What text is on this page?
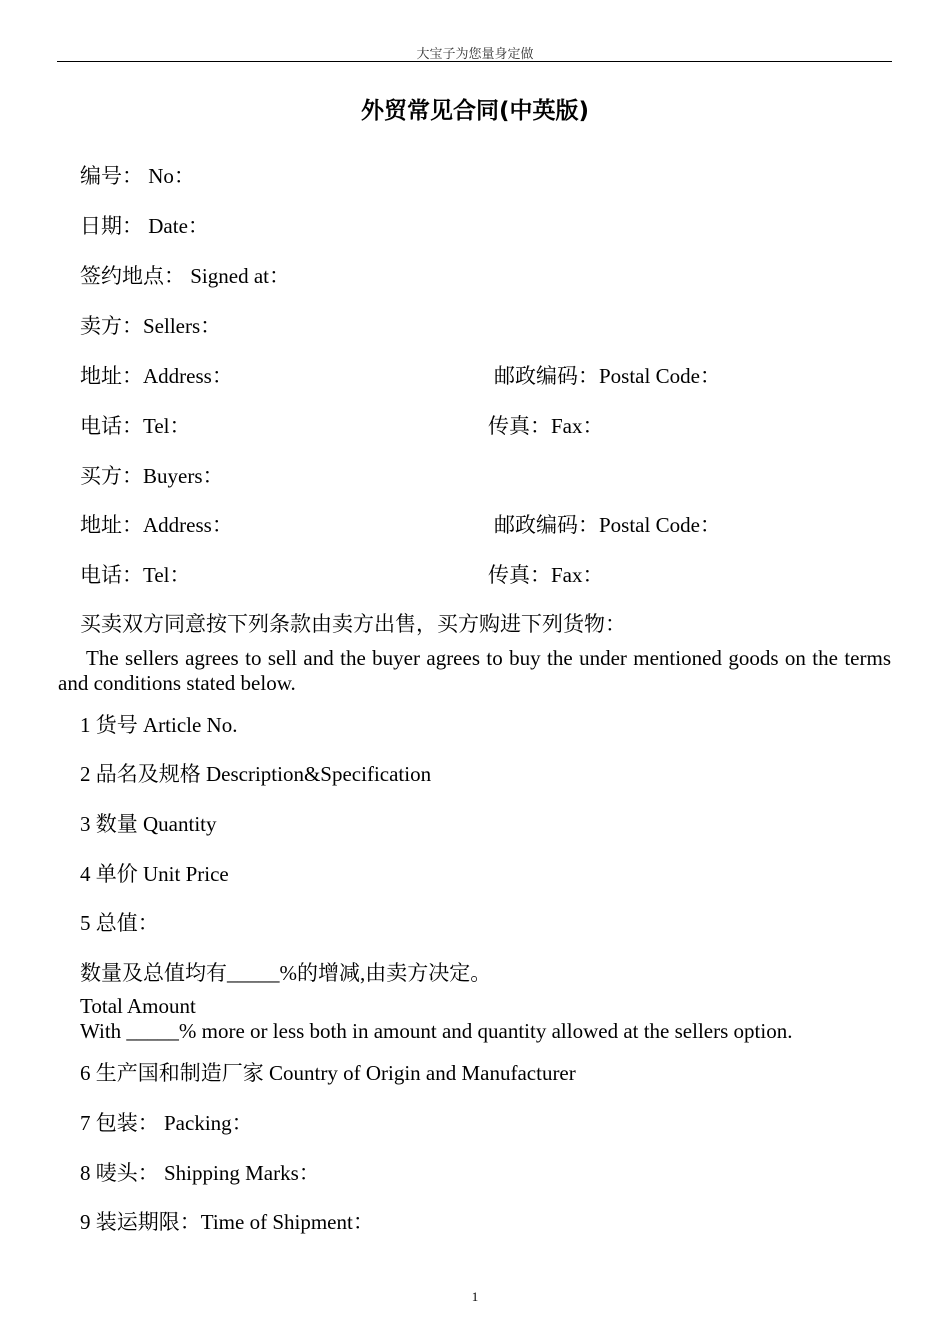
大宝子为您量身定做
外贸常见合同(中英版)
编号： No：
日期： Date：
签约地点： Signed at：
卖方：Sellers：
地址：Address：	邮政编码：Postal Code：
电话：Tel：	传真：Fax：
买方：Buyers：
地址：Address：	邮政编码：Postal Code：
电话：Tel：	传真：Fax：
买卖双方同意按下列条款由卖方出售，买方购进下列货物：
The sellers agrees to sell and the buyer agrees to buy the under mentioned goods on the terms and conditions stated below.
1 货号 Article No.
2 品名及规格 Description&Specification
3 数量 Quantity
4 单价 Unit Price
5 总值：
数量及总值均有_____%的增减,由卖方决定。
Total Amount
With _____% more or less both in amount and quantity allowed at the sellers option.
6 生产国和制造厂家 Country of Origin and Manufacturer
7 包装： Packing：
8 唛头： Shipping Marks：
9 装运期限：Time of Shipment：
1
